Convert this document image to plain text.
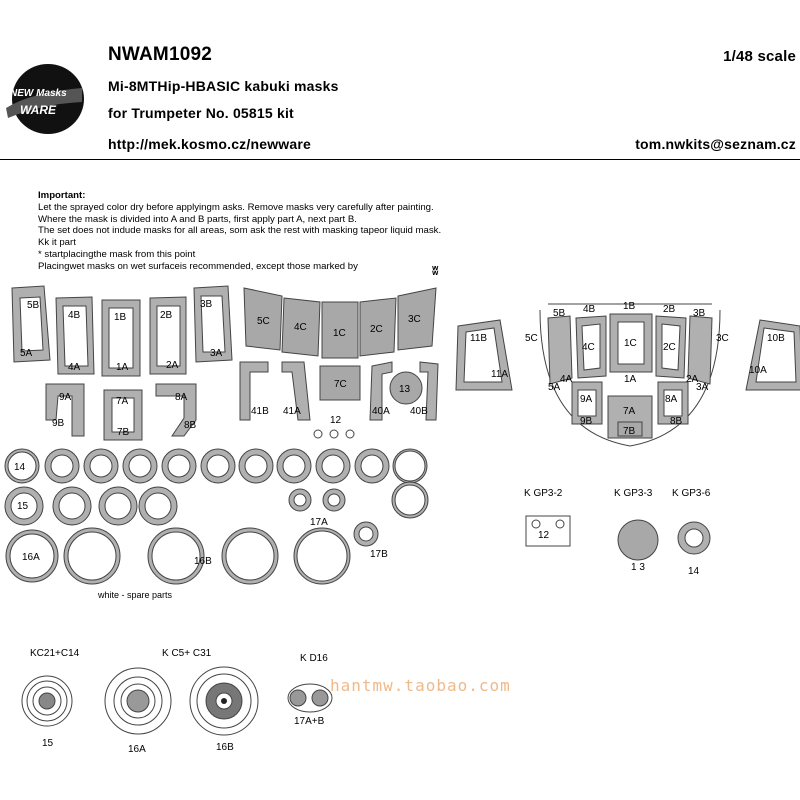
NEW Masks
WARE
NWAM1092	1/48 scale
Mi-8MTHip-HBASIC kabuki masks
for Trumpeter No. 05815 kit
http://mek.kosmo.cz/newware	tom.nwkits@seznam.cz
Important:
Let the sprayed color dry before applyingm asks. Remove masks very carefully after painting.
Where the mask is divided into A and B parts, first apply part A, next part B.
The set does not indude masks for all areas, som ask the rest with masking tapeor liquid mask.
Kk it part
* startplacingthe mask from this point
Placingwet masks on wet surfaceis recommended, except those marked by	ʬ
5B
4B	1B	2B
3B
5A
4A	1A	2A
3A
5C
4C
1C 2C
3C
7C	13
41B 41A	40A 40B
12
9A	7A	8A
9B
7B
8B
14
15
16A	16B
17A
17B
5B 4B	1B	2B 3B
5C
4C	1C	2C
3C
11B
11A
10B
10A
5A
4A	1A	2A
3A
9A
7A
8A
9B
7B
8B
K GP3-2	K GP3-3 K GP3-6
12
1 3	14
white - spare parts
KC21+C14	K C5+ C31	K D16
15
16A	16B
17A+B
hantmw.taobao.com
